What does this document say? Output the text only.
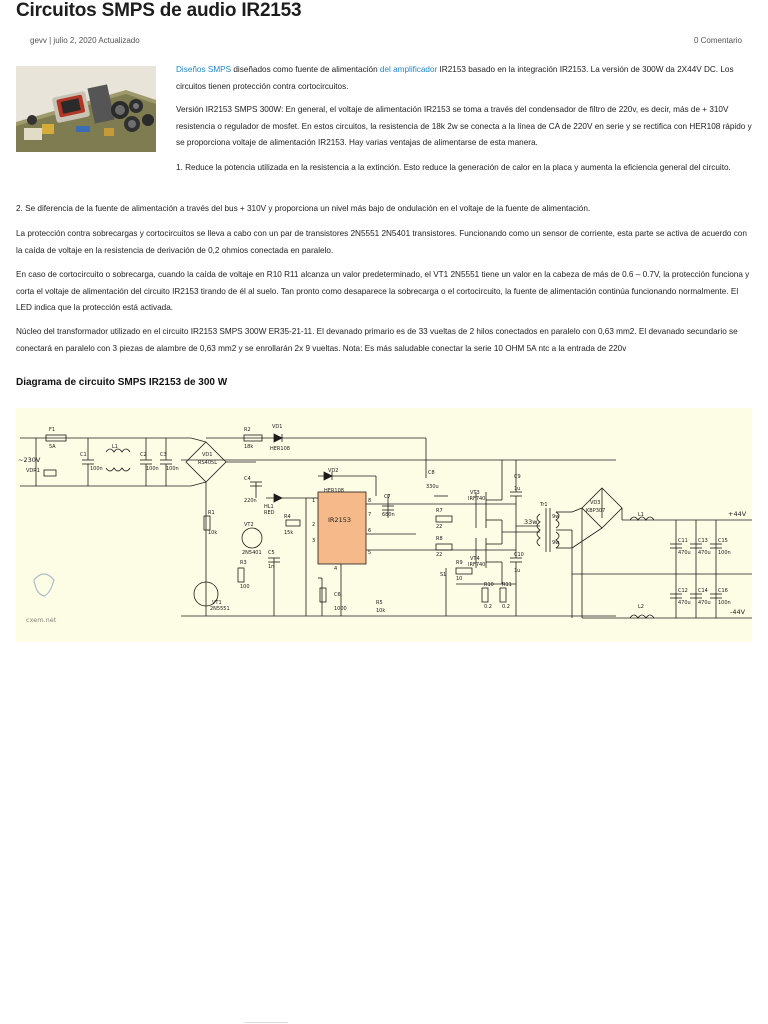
Circuitos SMPS de audio IR2153
gevv | julio 2, 2020 Actualizado	0 Comentario

Diseños SMPS diseñados como fuente de alimentación del amplificador IR2153 basado en la integración IR2153. La versión de 300W da 2X44V DC. Los circuitos tienen protección contra cortocircuitos.

Versión IR2153 SMPS 300W: En general, el voltaje de alimentación IR2153 se toma a través del condensador de filtro de 220v, es decir, más de + 310V resistencia o regulador de mosfet. En estos circuitos, la resistencia de 18k 2w se conecta a la línea de CA de 220V en serie y se rectifica con HER108 rápido y se proporciona voltaje de alimentación IR2153. Hay varias ventajas de alimentarse de esta manera.

1. Reduce la potencia utilizada en la resistencia a la extinción. Esto reduce la generación de calor en la placa y aumenta la eficiencia general del circuito.

2. Se diferencia de la fuente de alimentación a través del bus + 310V y proporciona un nivel más bajo de ondulación en el voltaje de la fuente de alimentación.

La protección contra sobrecargas y cortocircuitos se lleva a cabo con un par de transistores 2N5551 2N5401 transistores. Funcionando como un sensor de corriente, esta parte se activa de acuerdo con la caída de voltaje en la resistencia de derivación de 0,2 ohmios conectada en paralelo.

En caso de cortocircuito o sobrecarga, cuando la caída de voltaje en R10 R11 alcanza un valor predeterminado, el VT1 2N5551 tiene un valor en la cabeza de más de 0.6 – 0.7V, la protección funciona y corta el voltaje de alimentación del circuito IR2153 tirando de él al suelo. Tan pronto como desaparece la sobrecarga o el cortocircuito, la fuente de alimentación continúa funcionando normalmente. El LED indica que la protección está activada.

Núcleo del transformador utilizado en el circuito IR2153 SMPS 300W ER35-21-11. El devanado primario es de 33 vueltas de 2 hilos conectados en paralelo con 0,63 mm2. El devanado secundario se conectará en paralelo con 3 piezas de alambre de 0,63 mm2 y se enrollarán 2x 9 vueltas. Nota: Es más saludable conectar la serie 10 OHM 5A ntc a la entrada de 220v

Diagrama de circuito SMPS IR2153 de 300 W
IR2153
1
2
3
4
5
6
7
8
~230V
F1
5A
VDR1
C1
100n
L1
C2
100n
C3
100n
VD1
RS405L
R2
18k
VD1
HER108
C4
220n
HL1
RED
R1
10k
R4
15k
VT2
2N5401
R3
100
C5
1n
VT1
2N5551
C6
1000
R5
10k
VD2
HER108
C7
680n
C8
330u
C9
1u
C10
1u
R7
22
R8
22
R9
10
VT3
IRF740
VT4
IRF740
R10
0.2
R11
0.2
S1
Tr1
33w
9w
9w
VD3
KBP307
L1
L2
+44V
-44V
C11
470u
C12
470u
C13
470u
C14
470u
C15
100n
C16
100n
cxem.net
